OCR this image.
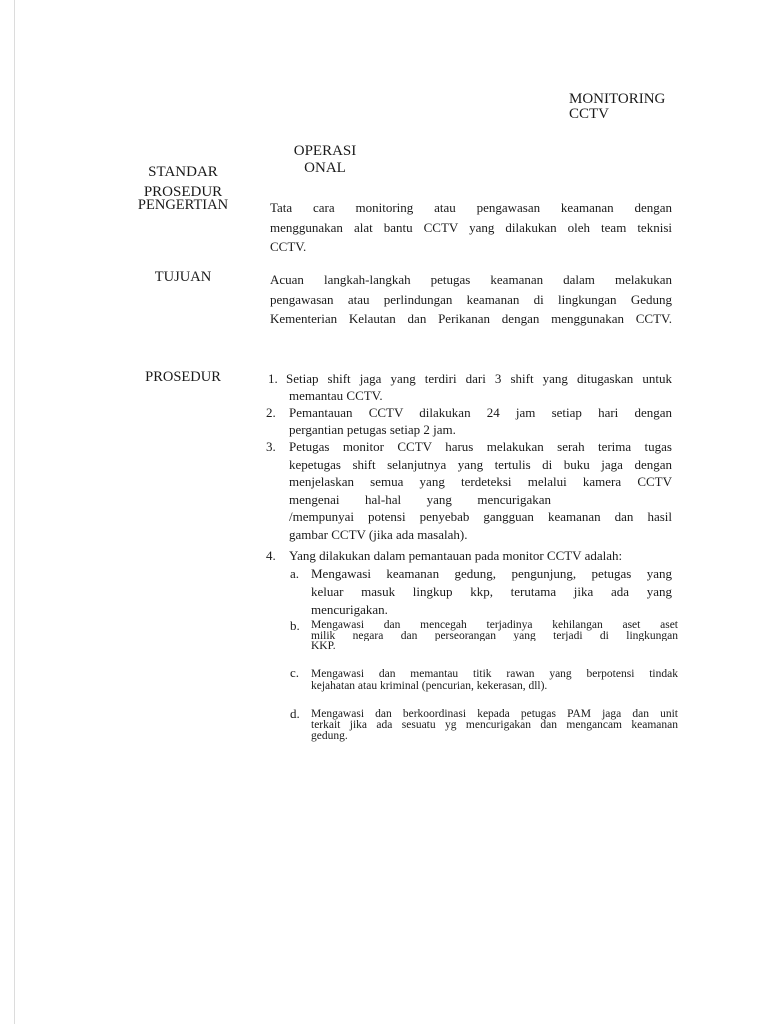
MONITORING
CCTV
OPERASI
ONAL
STANDAR
PROSEDUR
PENGERTIAN	Tata cara monitoring atau pengawasan keamanan dengan
menggunakan alat bantu CCTV yang dilakukan oleh team teknisi
CCTV.
TUJUAN	Acuan langkah-langkah petugas keamanan dalam melakukan
pengawasan atau perlindungan keamanan di lingkungan Gedung
Kementerian Kelautan dan Perikanan dengan menggunakan CCTV.
PROSEDUR	1. Setiap shift jaga yang terdiri dari 3 shift yang ditugaskan untuk
memantau CCTV.
2. Pemantauan CCTV dilakukan 24 jam setiap hari dengan
pergantian petugas setiap 2 jam.
3. Petugas monitor CCTV harus melakukan serah terima tugas
kepetugas shift selanjutnya yang tertulis di buku jaga dengan
menjelaskan semua yang terdeteksi melalui kamera CCTV
mengenai hal-hal yang mencurigakan
/mempunyai potensi penyebab gangguan keamanan dan hasil
gambar CCTV (jika ada masalah).
4. Yang dilakukan dalam pemantauan pada monitor CCTV adalah:
a. Mengawasi keamanan gedung, pengunjung, petugas yang
keluar masuk lingkup kkp, terutama jika ada yang
mencurigakan.
b. Mengawasi dan mencegah terjadinya kehilangan aset aset
milik negara dan perseorangan yang terjadi di lingkungan
KKP.
c. Mengawasi dan memantau titik rawan yang berpotensi tindak
kejahatan atau kriminal (pencurian, kekerasan, dll).
d. Mengawasi dan berkoordinasi kepada petugas PAM jaga dan unit
terkait jika ada sesuatu yg mencurigakan dan mengancam keamanan
gedung.
